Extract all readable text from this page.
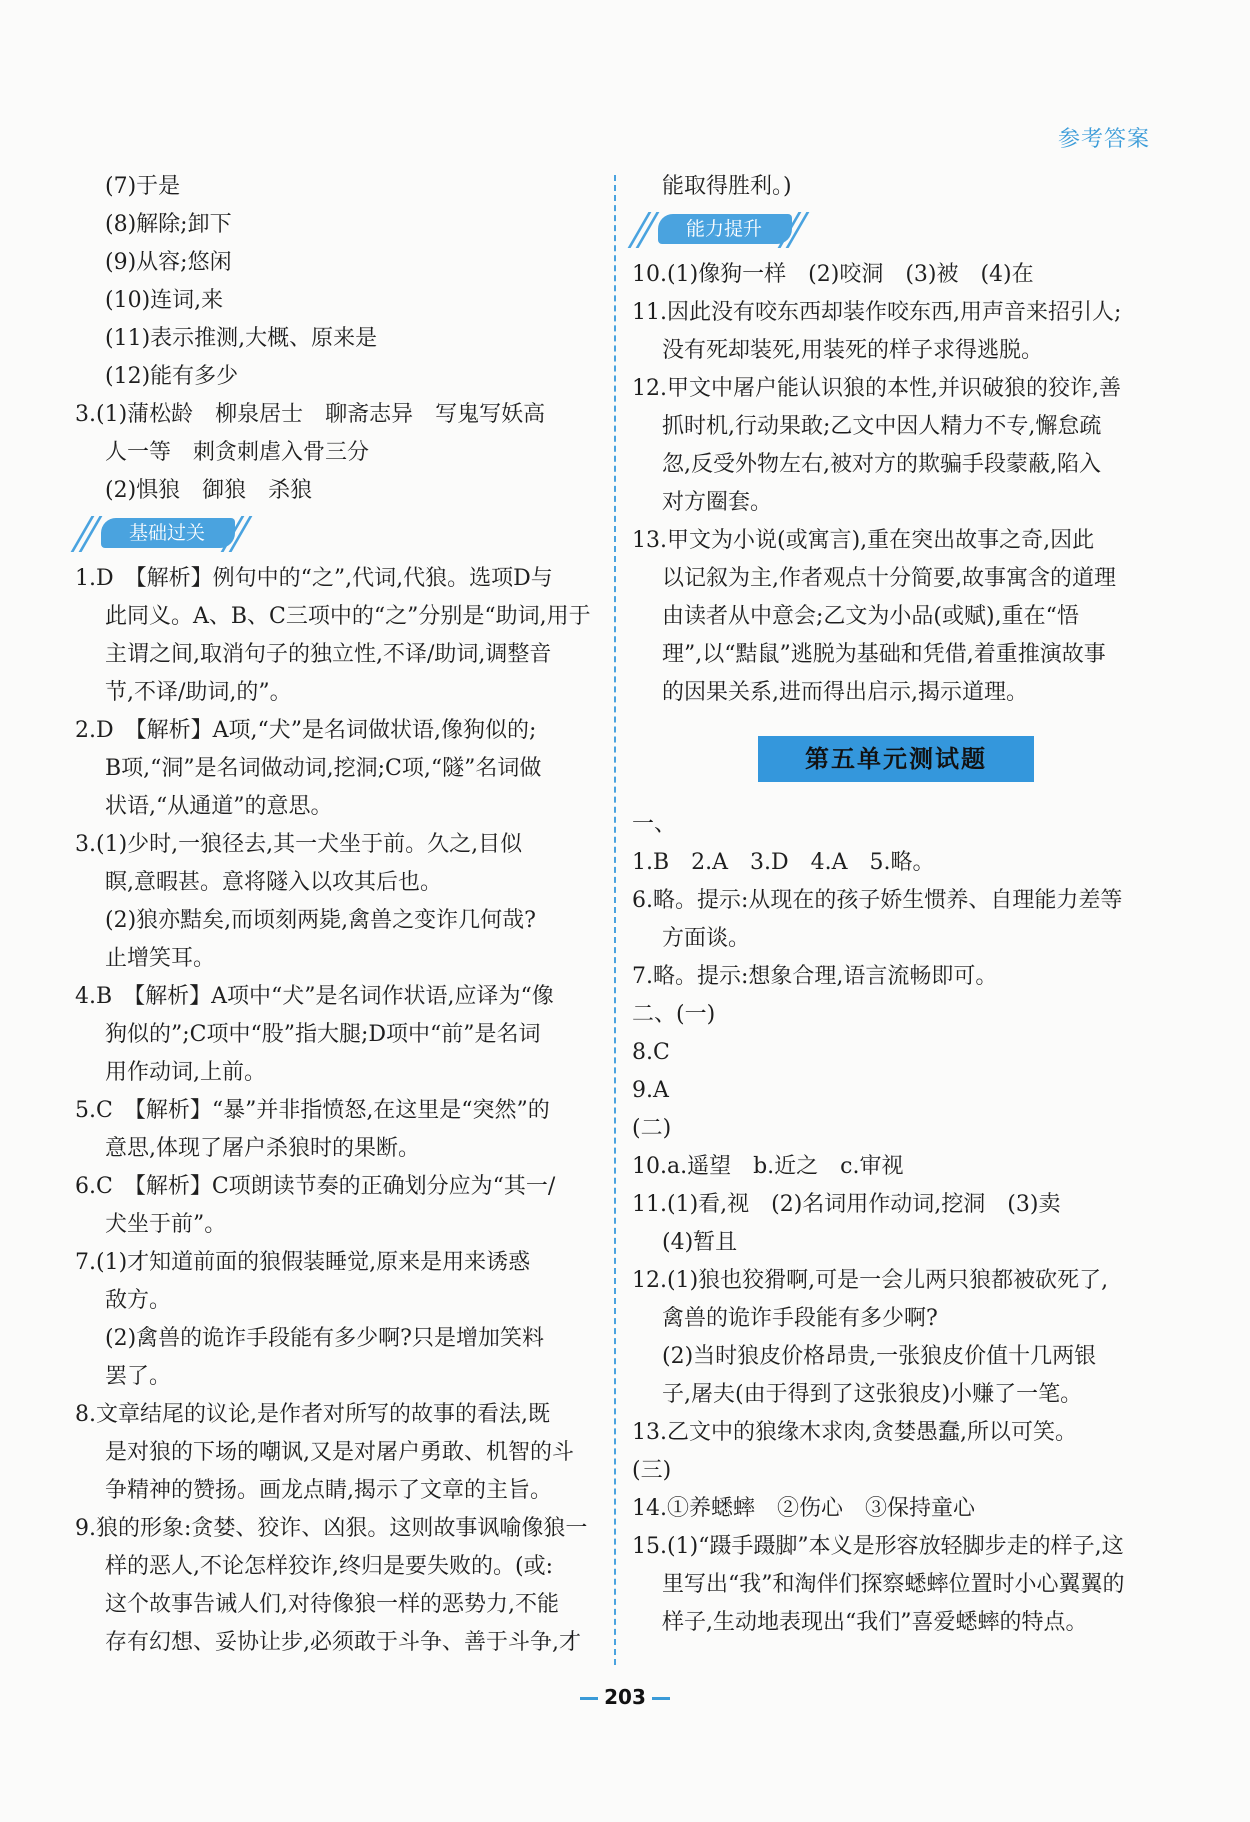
参考答案
(7)于是
(8)解除;卸下
(9)从容;悠闲
(10)连词,来
(11)表示推测,大概、原来是
(12)能有多少
3.(1)蒲松龄　柳泉居士　聊斋志异　写鬼写妖高
人一等　刺贪刺虐入骨三分
(2)惧狼　御狼　杀狼
基础过关
1.D　【解析】例句中的“之”,代词,代狼。选项D与
此同义。A、B、C三项中的“之”分别是“助词,用于
主谓之间,取消句子的独立性,不译/助词,调整音
节,不译/助词,的”。
2.D　【解析】A项,“犬”是名词做状语,像狗似的;
B项,“洞”是名词做动词,挖洞;C项,“隧”名词做
状语,“从通道”的意思。
3.(1)少时,一狼径去,其一犬坐于前。久之,目似
瞑,意暇甚。意将隧入以攻其后也。
(2)狼亦黠矣,而顷刻两毙,禽兽之变诈几何哉?
止增笑耳。
4.B　【解析】A项中“犬”是名词作状语,应译为“像
狗似的”;C项中“股”指大腿;D项中“前”是名词
用作动词,上前。
5.C　【解析】“暴”并非指愤怒,在这里是“突然”的
意思,体现了屠户杀狼时的果断。
6.C　【解析】C项朗读节奏的正确划分应为“其一/
犬坐于前”。
7.(1)才知道前面的狼假装睡觉,原来是用来诱惑
敌方。
(2)禽兽的诡诈手段能有多少啊?只是增加笑料
罢了。
8.文章结尾的议论,是作者对所写的故事的看法,既
是对狼的下场的嘲讽,又是对屠户勇敢、机智的斗
争精神的赞扬。画龙点睛,揭示了文章的主旨。
9.狼的形象:贪婪、狡诈、凶狠。这则故事讽喻像狼一
样的恶人,不论怎样狡诈,终归是要失败的。(或:
这个故事告诫人们,对待像狼一样的恶势力,不能
存有幻想、妥协让步,必须敢于斗争、善于斗争,才
能取得胜利。)
能力提升
10.(1)像狗一样　(2)咬洞　(3)被　(4)在
11.因此没有咬东西却装作咬东西,用声音来招引人;
没有死却装死,用装死的样子求得逃脱。
12.甲文中屠户能认识狼的本性,并识破狼的狡诈,善
抓时机,行动果敢;乙文中因人精力不专,懈怠疏
忽,反受外物左右,被对方的欺骗手段蒙蔽,陷入
对方圈套。
13.甲文为小说(或寓言),重在突出故事之奇,因此
以记叙为主,作者观点十分简要,故事寓含的道理
由读者从中意会;乙文为小品(或赋),重在“悟
理”,以“黠鼠”逃脱为基础和凭借,着重推演故事
的因果关系,进而得出启示,揭示道理。
第五单元测试题
一、
1.B　2.A　3.D　4.A　5.略。
6.略。提示:从现在的孩子娇生惯养、自理能力差等
方面谈。
7.略。提示:想象合理,语言流畅即可。
二、(一)
8.C
9.A
(二)
10.a.遥望　b.近之　c.审视
11.(1)看,视　(2)名词用作动词,挖洞　(3)卖
(4)暂且
12.(1)狼也狡猾啊,可是一会儿两只狼都被砍死了,
禽兽的诡诈手段能有多少啊?
(2)当时狼皮价格昂贵,一张狼皮价值十几两银
子,屠夫(由于得到了这张狼皮)小赚了一笔。
13.乙文中的狼缘木求肉,贪婪愚蠢,所以可笑。
(三)
14.①养蟋蟀　②伤心　③保持童心
15.(1)“蹑手蹑脚”本义是形容放轻脚步走的样子,这
里写出“我”和淘伴们探察蟋蟀位置时小心翼翼的
样子,生动地表现出“我们”喜爱蟋蟀的特点。
203
